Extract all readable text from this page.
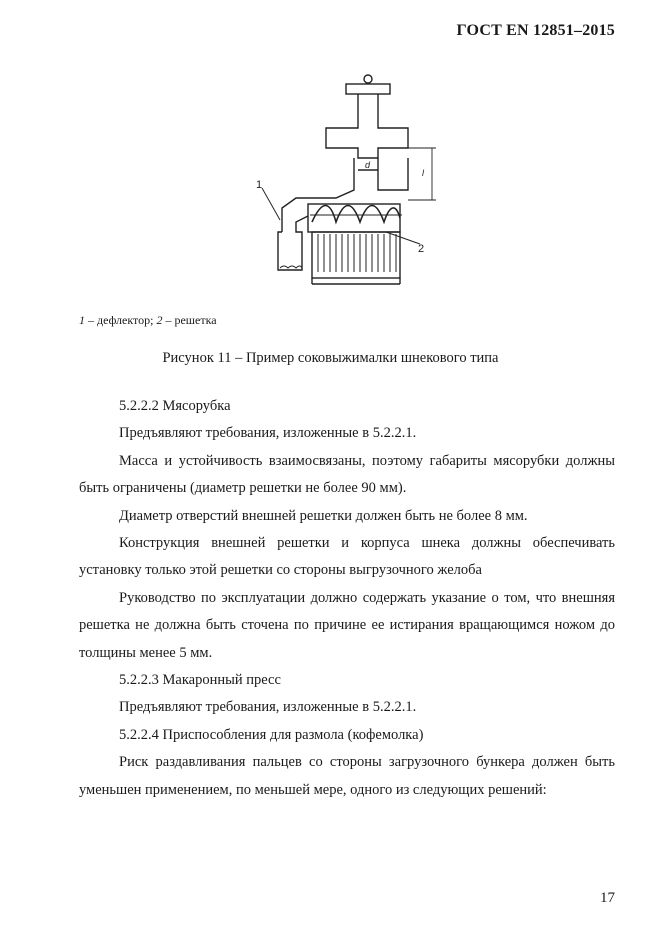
ГОСТ EN 12851–2015
1
2
d
l
1 – дефлектор; 2 – решетка
Рисунок 11 – Пример соковыжималки шнекового типа

5.2.2.2 Мясорубка

Предъявляют требования, изложенные в 5.2.2.1.

Масса и устойчивость взаимосвязаны, поэтому габариты мясорубки должны быть ограничены (диаметр решетки не более 90 мм).

Диаметр отверстий внешней решетки должен быть не более 8 мм.

Конструкция внешней решетки и корпуса шнека должны обеспечивать установку только этой решетки со стороны выгрузочного желоба

Руководство по эксплуатации должно содержать указание о том, что внешняя решетка не должна быть сточена по причине ее истирания вращающимся ножом до толщины менее 5 мм.

5.2.2.3 Макаронный пресс

Предъявляют требования, изложенные в 5.2.2.1.

5.2.2.4 Приспособления для размола (кофемолка)

Риск раздавливания пальцев со стороны загрузочного бункера должен быть уменьшен применением, по меньшей мере, одного из следующих решений:

17
